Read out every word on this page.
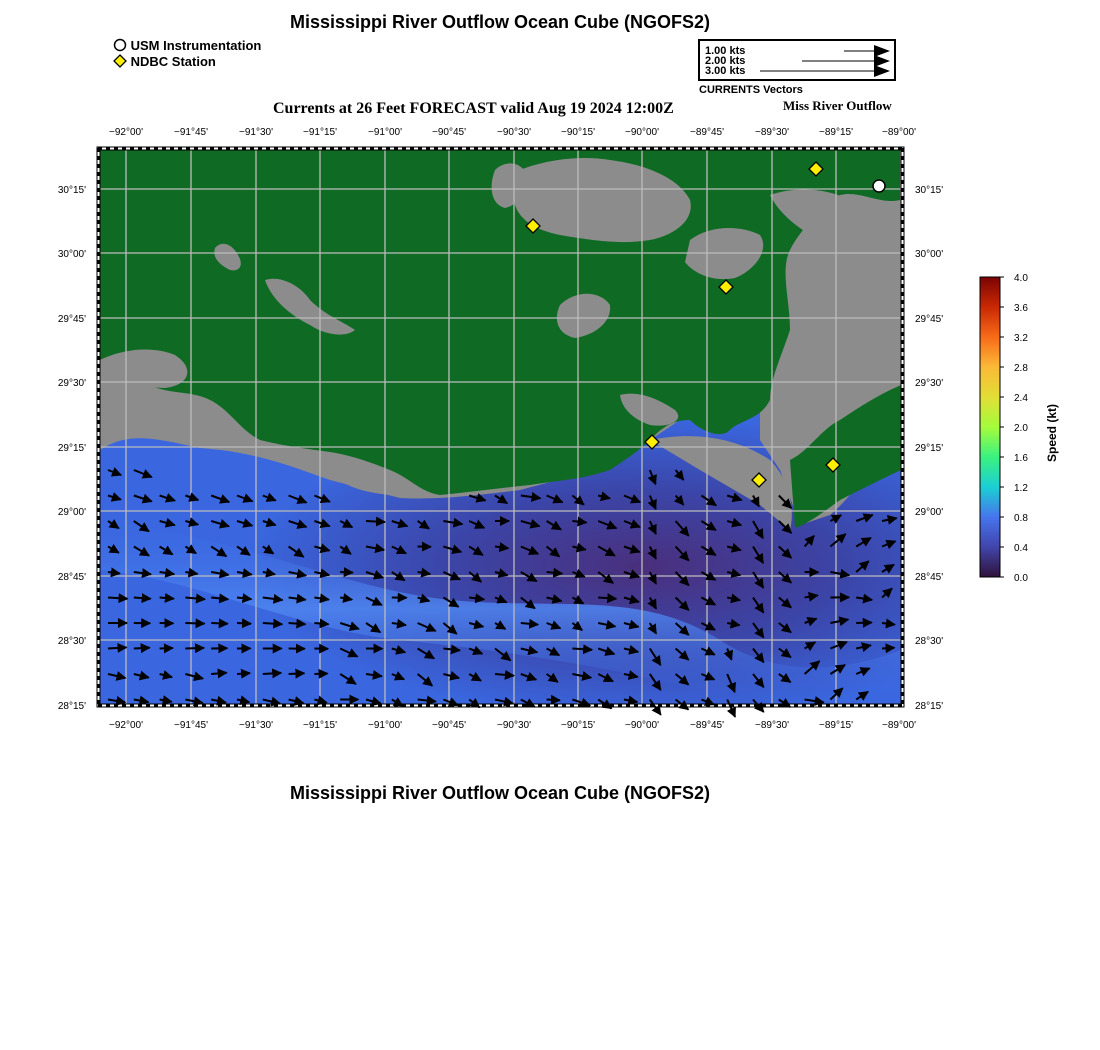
Mississippi River Outflow Ocean Cube (NGOFS2)
USM Instrumentation
NDBC Station
1.00 kts
2.00 kts
3.00 kts
CURRENTS Vectors
Currents at 26 Feet FORECAST valid Aug 19 2024 12:00Z	Miss River Outflow
−92°00'	−91°45'	−91°30'	−91°15'	−91°00'	−90°45'	−90°30'	−90°15'	−90°00'	−89°45'	−89°30'	−89°15'	−89°00'
−92°00'	−91°45'	−91°30'	−91°15'	−91°00'	−90°45'	−90°30'	−90°15'	−90°00'	−89°45'	−89°30'	−89°15'	−89°00'
30°15'
30°00'
29°45'
29°30'
29°15'
29°00'
28°45'
28°30'
28°15'
30°15'
30°00'
29°45'
29°30'
29°15'
29°00'
28°45'
28°30'
28°15'
4.0
3.6
3.2
2.8
2.4
2.0
1.6
1.2
0.8
0.4
0.0
Speed (kt)
Mississippi River Outflow Ocean Cube (NGOFS2)
